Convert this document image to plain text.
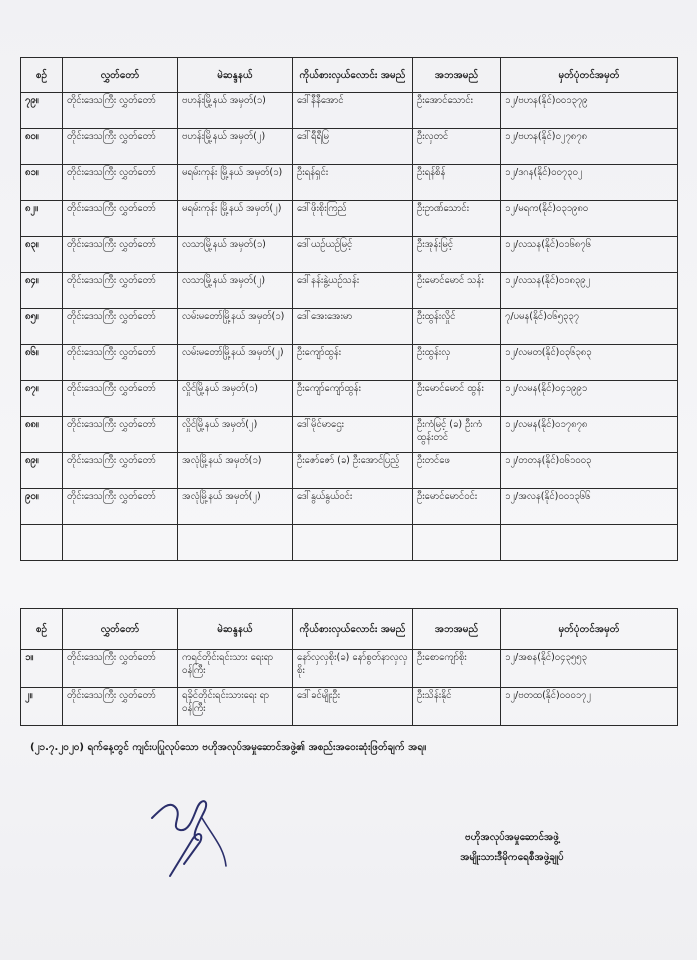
စဥ်	လွှတ်တော်	မဲဆန္ဒနယ်	ကိုယ်စားလှယ်လောင်း အမည်	အဘအမည်	မှတ်ပုံတင်အမှတ်
၇၉။	တိုင်းဒေသကြီး လွှတ်တော်	ဗဟန်းမြို့နယ် အမှတ်(၁)	ဒေါ်နီနီအောင်	ဦးအောင်သောင်း	၁၂/ဗဟန(နိုင်)၀၀၁၃၇၉
၈၀။	တိုင်းဒေသကြီး လွှတ်တော်	ဗဟန်းမြို့နယ် အမှတ်(၂)	ဒေါ်ရီရီမြ	ဦးလှတင်	၁၂/ဗဟန(နိုင်)၀၂၇၈၇၈
၈၁။	တိုင်းဒေသကြီး လွှတ်တော်	မရမ်းကုန်း မြို့နယ် အမှတ်(၁)	ဦးရန်ရှင်း	ဦးရန်စိန်	၁၂/ဒဂန(နိုင်)၀၀၇၃၀၂
၈၂။	တိုင်းဒေသကြီး လွှတ်တော်	မရမ်းကုန်း မြို့နယ် အမှတ်(၂)	ဒေါ်ဖိုးစိုးကြည်	ဦးဥာဏ်သောင်း	၁၂/မရက(နိုင်)၀၃၁၉၈၀
၈၃။	တိုင်းဒေသကြီး လွှတ်တော်	လသာမြို့နယ် အမှတ်(၁)	ဒေါ်ယဉ်ယဉ်မြင့်	ဦးအုန်းမြင့်	၁၂/လသန(နိုင်)၀၁၆၈၇၆
၈၄။	တိုင်းဒေသကြီး လွှတ်တော်	လသာမြို့နယ် အမှတ်(၂)	ဒေါ်နန်းနွဲ့ယဉ်သန်း	ဦးမောင်မောင် သန်း	၁၂/လသန(နိုင်)၀၁၈၃၉၂
၈၅။	တိုင်းဒေသကြီး လွှတ်တော်	လမ်းမတော်မြို့နယ် အမှတ်(၁)	ဒေါ်အေးအေးမာ	ဦးထွန်းလှိုင်	၇/ပမန(နိုင်)၀၆၅၃၃၇
၈၆။	တိုင်းဒေသကြီး လွှတ်တော်	လမ်းမတော်မြို့နယ် အမှတ်(၂)	ဦးကျော်ထွန်း	ဦးထွန်းလှ	၁၂/လမတ(နိုင်)၀၃၆၃၈၃
၈၇။	တိုင်းဒေသကြီး လွှတ်တော်	လှိုင်မြို့နယ် အမှတ်(၁)	ဦးကျော်ကျော်ထွန်း	ဦးမောင်မောင် ထွန်း	၁၂/လမန(နိုင်)၀၄၁၉၉၁
၈၈။	တိုင်းဒေသကြီး လွှတ်တော်	လှိုင်မြို့နယ် အမှတ်(၂)	ဒေါ်မိုင်မာဌေး	ဦးကံမြင့် (ခ) ဦးကံထွန်းတင်	၁၂/လမန(နိုင်)၀၁၇၈၇၈
၈၉။	တိုင်းဒေသကြီး လွှတ်တော်	အလုံမြို့နယ် အမှတ်(၁)	ဦးဇော်ဇော် (ခ) ဦးအောင်ပြည့်	ဦးတင်ဖေ	၁၂/တတန(နိုင်)၀၆၁၀၀၃
၉၀။	တိုင်းဒေသကြီး လွှတ်တော်	အလုံမြို့နယ် အမှတ်(၂)	ဒေါ်နွယ်နွယ်ဝင်း	ဦးမောင်မောင်ဝင်း	၁၂/အလန(နိုင်)၀၀၁၃၆၆

စဥ်	လွှတ်တော်	မဲဆန္ဒနယ်	ကိုယ်စားလှယ်လောင်း အမည်	အဘအမည်	မှတ်ပုံတင်အမှတ်
၁။	တိုင်းဒေသကြီး လွှတ်တော်	ကရင်တိုင်းရင်းသား ရေးရာဝန်ကြီး	နော်လှလှစိုး(ခ) နော်စွတ်နာလှလှစိုး	ဦးစောကျော်စိုး	၁၂/အစန(နိုင်)၀၄၃၅၅၃
၂။	တိုင်းဒေသကြီး လွှတ်တော်	ရခိုင်တိုင်းရင်းသားရေး ရာဝန်ကြီး	ဒေါ်ခင်မျိုးဦး	ဦးသိန်းနိုင်	၁၂/ဗတထ(နိုင်)၀၀၀၁၇၂
(၂၁.၇.၂၀၂၀) ရက်နေ့တွင် ကျင်းပပြုလုပ်သော ဗဟိုအလုပ်အမှုဆောင်အဖွဲ့၏ အစည်းအဝေးဆုံးဖြတ်ချက် အရ။
ဗဟိုအလုပ်အမှုဆောင်အဖွဲ့
အမျိုးသားဒီမိုကရေစီအဖွဲ့ချုပ်
